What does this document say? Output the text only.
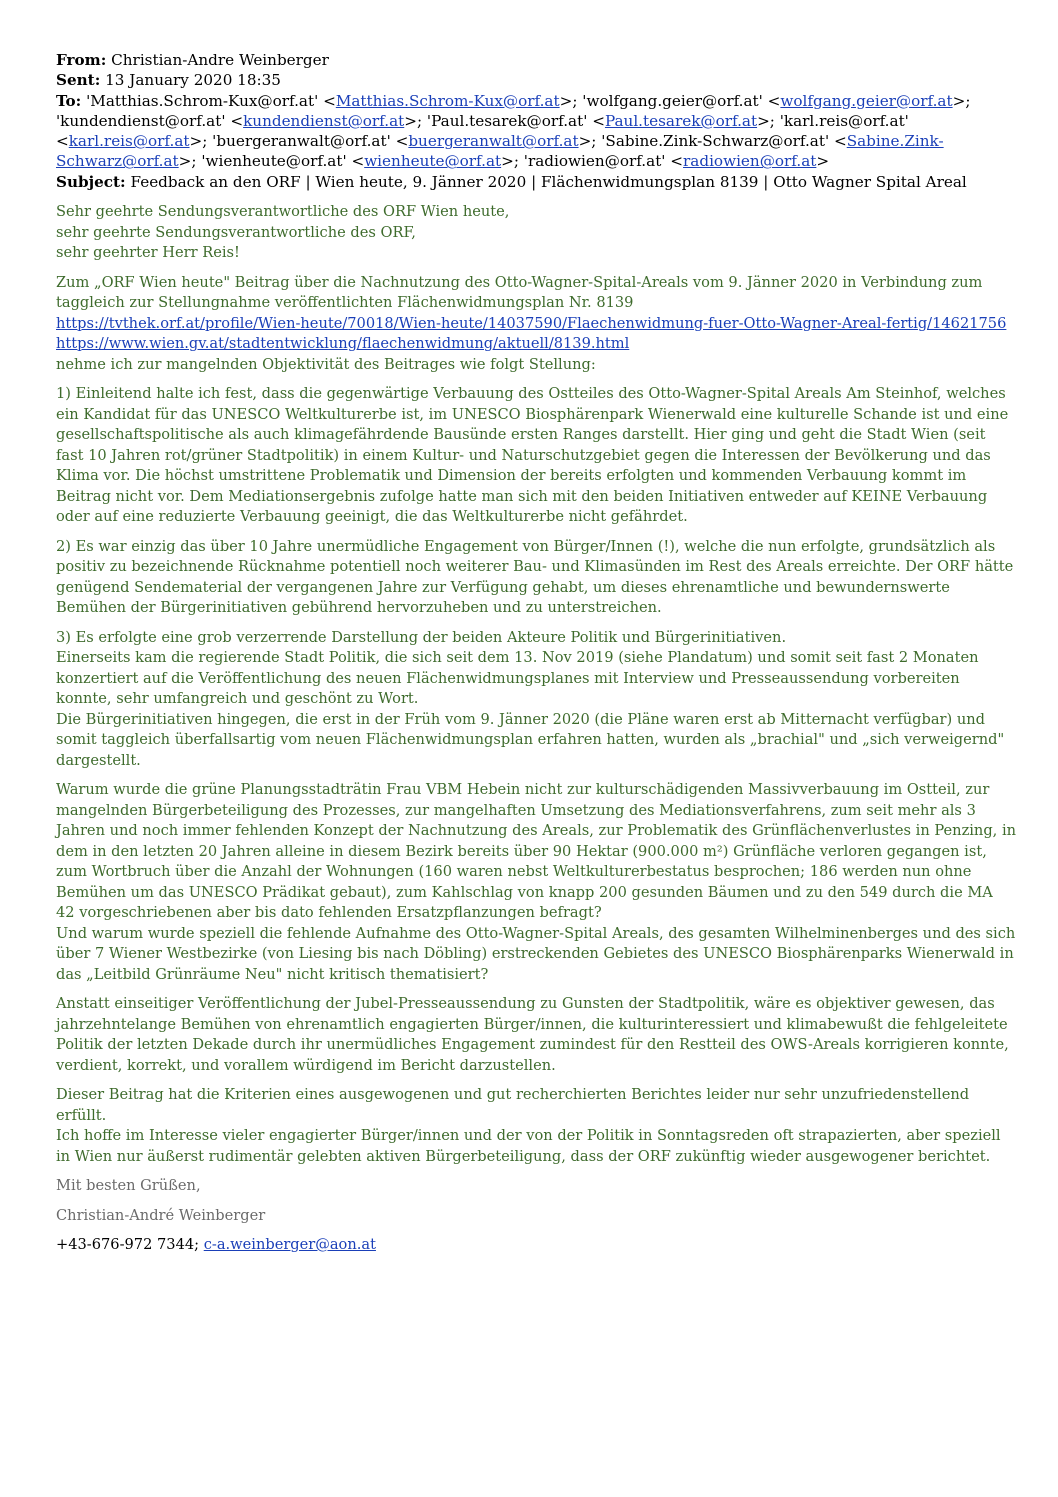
From: Christian-Andre Weinberger

Sent: 13 January 2020 18:35

To: 'Matthias.Schrom-Kux@orf.at' <Matthias.Schrom-Kux@orf.at>; 'wolfgang.geier@orf.at' <wolfgang.geier@orf.at>; 'kundendienst@orf.at' <kundendienst@orf.at>; 'Paul.tesarek@orf.at' <Paul.tesarek@orf.at>; 'karl.reis@orf.at' <karl.reis@orf.at>; 'buergeranwalt@orf.at' <buergeranwalt@orf.at>; 'Sabine.Zink-Schwarz@orf.at' <Sabine.Zink-Schwarz@orf.at>; 'wienheute@orf.at' <wienheute@orf.at>; 'radiowien@orf.at' <radiowien@orf.at>

Subject: Feedback an den ORF | Wien heute, 9. Jänner 2020 | Flächenwidmungsplan 8139 | Otto Wagner Spital Areal

Sehr geehrte Sendungsverantwortliche des ORF Wien heute,
sehr geehrte Sendungsverantwortliche des ORF,
sehr geehrter Herr Reis!

Zum „ORF Wien heute" Beitrag über die Nachnutzung des Otto-Wagner-Spital-Areals vom 9. Jänner 2020 in Verbindung zum taggleich zur Stellungnahme veröffentlichten Flächenwidmungsplan Nr. 8139
https://tvthek.orf.at/profile/Wien-heute/70018/Wien-heute/14037590/Flaechenwidmung-fuer-Otto-Wagner-Areal-fertig/14621756
https://www.wien.gv.at/stadtentwicklung/flaechenwidmung/aktuell/8139.html
nehme ich zur mangelnden Objektivität des Beitrages wie folgt Stellung:

1) Einleitend halte ich fest, dass die gegenwärtige Verbauung des Ostteiles des Otto-Wagner-Spital Areals Am Steinhof, welches ein Kandidat für das UNESCO Weltkulturerbe ist, im UNESCO Biosphärenpark Wienerwald eine kulturelle Schande ist und eine gesellschaftspolitische als auch klimagefährdende Bausünde ersten Ranges darstellt. Hier ging und geht die Stadt Wien (seit fast 10 Jahren rot/grüner Stadtpolitik) in einem Kultur- und Naturschutzgebiet gegen die Interessen der Bevölkerung und das Klima vor. Die höchst umstrittene Problematik und Dimension der bereits erfolgten und kommenden Verbauung kommt im Beitrag nicht vor. Dem Mediationsergebnis zufolge hatte man sich mit den beiden Initiativen entweder auf KEINE Verbauung oder auf eine reduzierte Verbauung geeinigt, die das Weltkulturerbe nicht gefährdet.

2) Es war einzig das über 10 Jahre unermüdliche Engagement von Bürger/Innen (!), welche die nun erfolgte, grundsätzlich als positiv zu bezeichnende Rücknahme potentiell noch weiterer Bau- und Klimasünden im Rest des Areals erreichte. Der ORF hätte genügend Sendematerial der vergangenen Jahre zur Verfügung gehabt, um dieses ehrenamtliche und bewundernswerte Bemühen der Bürgerinitiativen gebührend hervorzuheben und zu unterstreichen.

3) Es erfolgte eine grob verzerrende Darstellung der beiden Akteure Politik und Bürgerinitiativen.
Einerseits kam die regierende Stadt Politik, die sich seit dem 13. Nov 2019 (siehe Plandatum) und somit seit fast 2 Monaten konzertiert auf die Veröffentlichung des neuen Flächenwidmungsplanes mit Interview und Presseaussendung vorbereiten konnte, sehr umfangreich und geschönt zu Wort.
Die Bürgerinitiativen hingegen, die erst in der Früh vom 9. Jänner 2020 (die Pläne waren erst ab Mitternacht verfügbar) und somit taggleich überfallsartig vom neuen Flächenwidmungsplan erfahren hatten, wurden als „brachial" und „sich verweigernd" dargestellt.

Warum wurde die grüne Planungsstadträtin Frau VBM Hebein nicht zur kulturschädigenden Massivverbauung im Ostteil, zur mangelnden Bürgerbeteiligung des Prozesses, zur mangelhaften Umsetzung des Mediationsverfahrens, zum seit mehr als 3 Jahren und noch immer fehlenden Konzept der Nachnutzung des Areals, zur Problematik des Grünflächenverlustes in Penzing, in dem in den letzten 20 Jahren alleine in diesem Bezirk bereits über 90 Hektar (900.000 m²) Grünfläche verloren gegangen ist, zum Wortbruch über die Anzahl der Wohnungen (160 waren nebst Weltkulturerbestatus besprochen; 186 werden nun ohne Bemühen um das UNESCO Prädikat gebaut), zum Kahlschlag von knapp 200 gesunden Bäumen und zu den 549 durch die MA 42 vorgeschriebenen aber bis dato fehlenden Ersatzpflanzungen befragt?
Und warum wurde speziell die fehlende Aufnahme des Otto-Wagner-Spital Areals, des gesamten Wilhelminenberges und des sich über 7 Wiener Westbezirke (von Liesing bis nach Döbling) erstreckenden Gebietes des UNESCO Biosphärenparks Wienerwald in das „Leitbild Grünräume Neu" nicht kritisch thematisiert?

Anstatt einseitiger Veröffentlichung der Jubel-Presseaussendung zu Gunsten der Stadtpolitik, wäre es objektiver gewesen, das jahrzehntelange Bemühen von ehrenamtlich engagierten Bürger/innen, die kulturinteressiert und klimabewußt die fehlgeleitete Politik der letzten Dekade durch ihr unermüdliches Engagement zumindest für den Restteil des OWS-Areals korrigieren konnte, verdient, korrekt, und vorallem würdigend im Bericht darzustellen.

Dieser Beitrag hat die Kriterien eines ausgewogenen und gut recherchierten Berichtes leider nur sehr unzufriedenstellend erfüllt.
Ich hoffe im Interesse vieler engagierter Bürger/innen und der von der Politik in Sonntagsreden oft strapazierten, aber speziell in Wien nur äußerst rudimentär gelebten aktiven Bürgerbeteiligung, dass der ORF zukünftig wieder ausgewogener berichtet.

Mit besten Grüßen,

Christian-André Weinberger

+43-676-972 7344; c-a.weinberger@aon.at
